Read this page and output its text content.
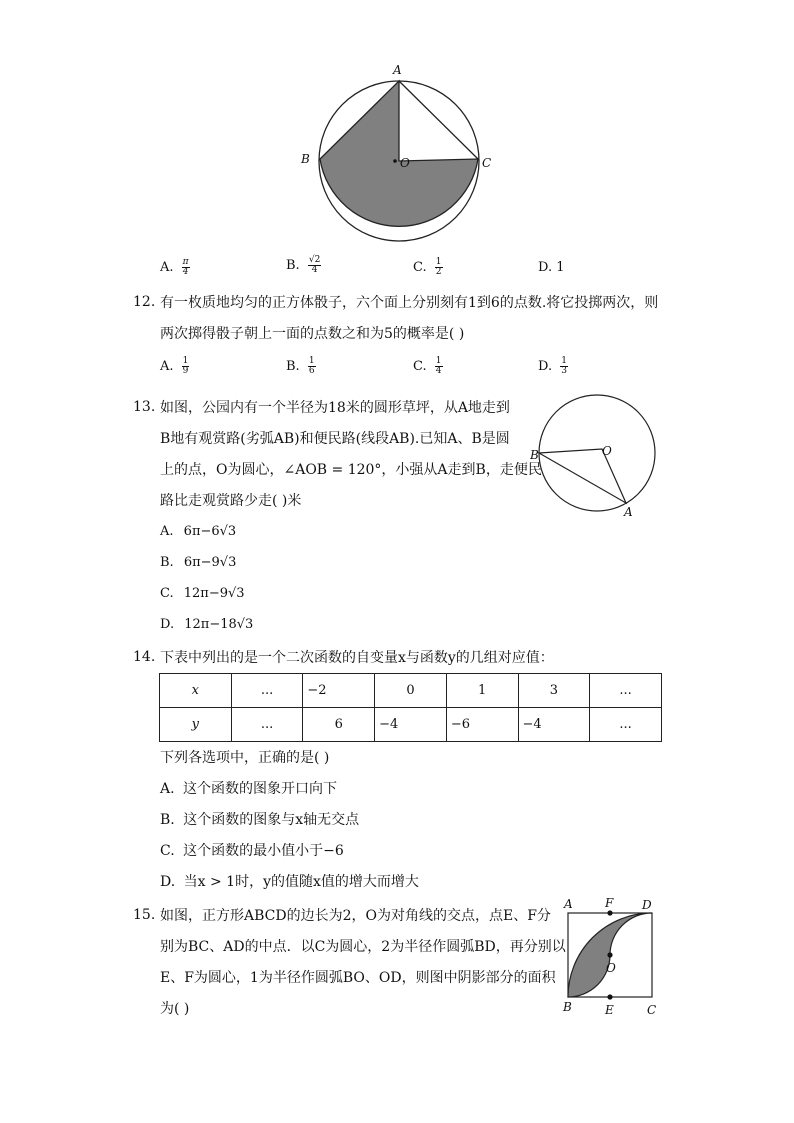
A
B	C
O
A. $\frac{\pi}{4}$	B. $\frac{√2}{4}$	C. $\frac{1}{2}$	D. 1
12. 有一枚质地均匀的正方体骰子，六个面上分别刻有1到6的点数.将它投掷两次，则
两次掷得骰子朝上一面的点数之和为5的概率是( )
A. $\frac{1}{9}$	B. $\frac{1}{6}$	C. $\frac{1}{4}$	D. $\frac{1}{3}$
13. 如图，公园内有一个半径为18米的圆形草坪，从A地走到
B地有观赏路(劣弧AB)和便民路(线段AB).已知A、B是圆
上的点，O为圆心，∠AOB = 120°，小强从A走到B，走便民
路比走观赏路少走( )米
B	O
A
A. 6π−6√3
B. 6π−9√3
C. 12π−9√3
D. 12π−18√3
14. 下表中列出的是一个二次函数的自变量x与函数y的几组对应值：
x	...	−2	0	1	3	...
y	...	6	−4	−6	−4	...
下列各选项中，正确的是( )
A. 这个函数的图象开口向下
B. 这个函数的图象与x轴无交点
C. 这个函数的最小值小于−6
D. 当x > 1时，y的值随x值的增大而增大
15. 如图，正方形ABCD的边长为2，O为对角线的交点，点E、F分
别为BC、AD的中点．以C为圆心，2为半径作圆弧BD，再分别以
E、F为圆心，1为半径作圆弧BO、OD，则图中阴影部分的面积
为( )
A	F D
O
B	E	C
